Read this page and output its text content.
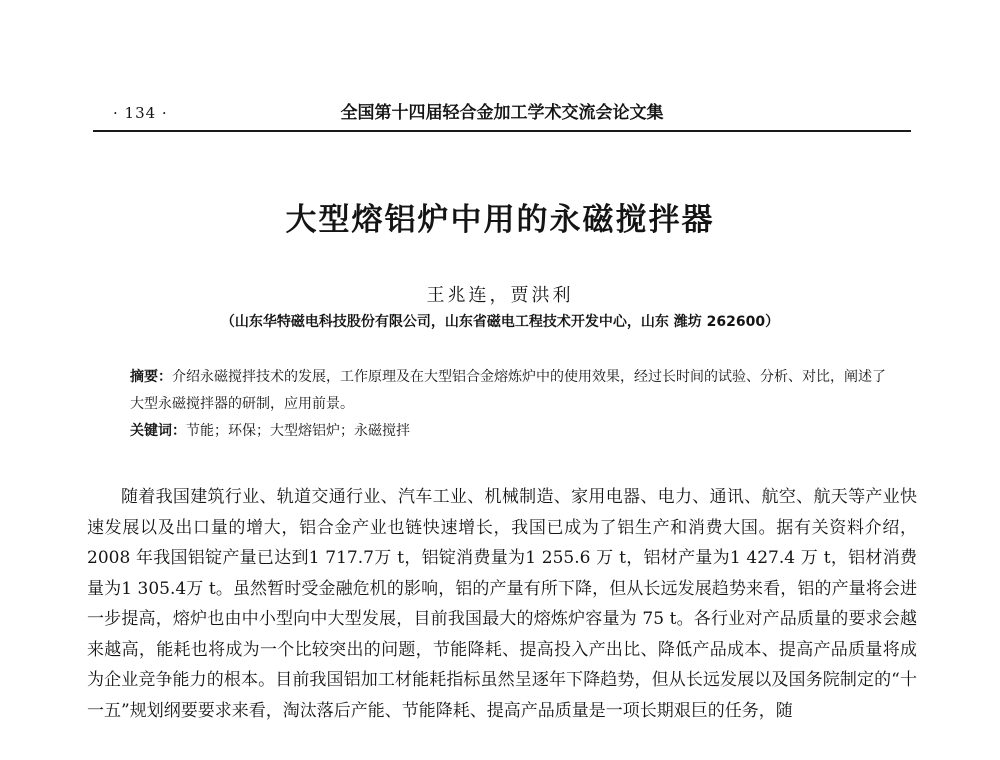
· 134 ·	全国第十四届轻合金加工学术交流会论文集
大型熔铝炉中用的永磁搅拌器
王兆连，贾洪利
（山东华特磁电科技股份有限公司，山东省磁电工程技术开发中心，山东 潍坊 262600）

摘要：介绍永磁搅拌技术的发展，工作原理及在大型铝合金熔炼炉中的使用效果，经过长时间的试验、分析、对比，阐述了大型永磁搅拌器的研制，应用前景。

关键词：节能；环保；大型熔铝炉；永磁搅拌

随着我国建筑行业、轨道交通行业、汽车工业、机械制造、家用电器、电力、通讯、航空、航天等产业快速发展以及出口量的增大，铝合金产业也链快速增长，我国已成为了铝生产和消费大国。据有关资料介绍，2008 年我国铝锭产量已达到1 717.7万 t，铝锭消费量为1 255.6 万 t，铝材产量为1 427.4 万 t，铝材消费量为1 305.4万 t。虽然暂时受金融危机的影响，铝的产量有所下降，但从长远发展趋势来看，铝的产量将会进一步提高，熔炉也由中小型向中大型发展，目前我国最大的熔炼炉容量为 75 t。各行业对产品质量的要求会越来越高，能耗也将成为一个比较突出的问题，节能降耗、提高投入产出比、降低产品成本、提高产品质量将成为企业竞争能力的根本。目前我国铝加工材能耗指标虽然呈逐年下降趋势，但从长远发展以及国务院制定的“十一五”规划纲要要求来看，淘汰落后产能、节能降耗、提高产品质量是一项长期艰巨的任务，随
